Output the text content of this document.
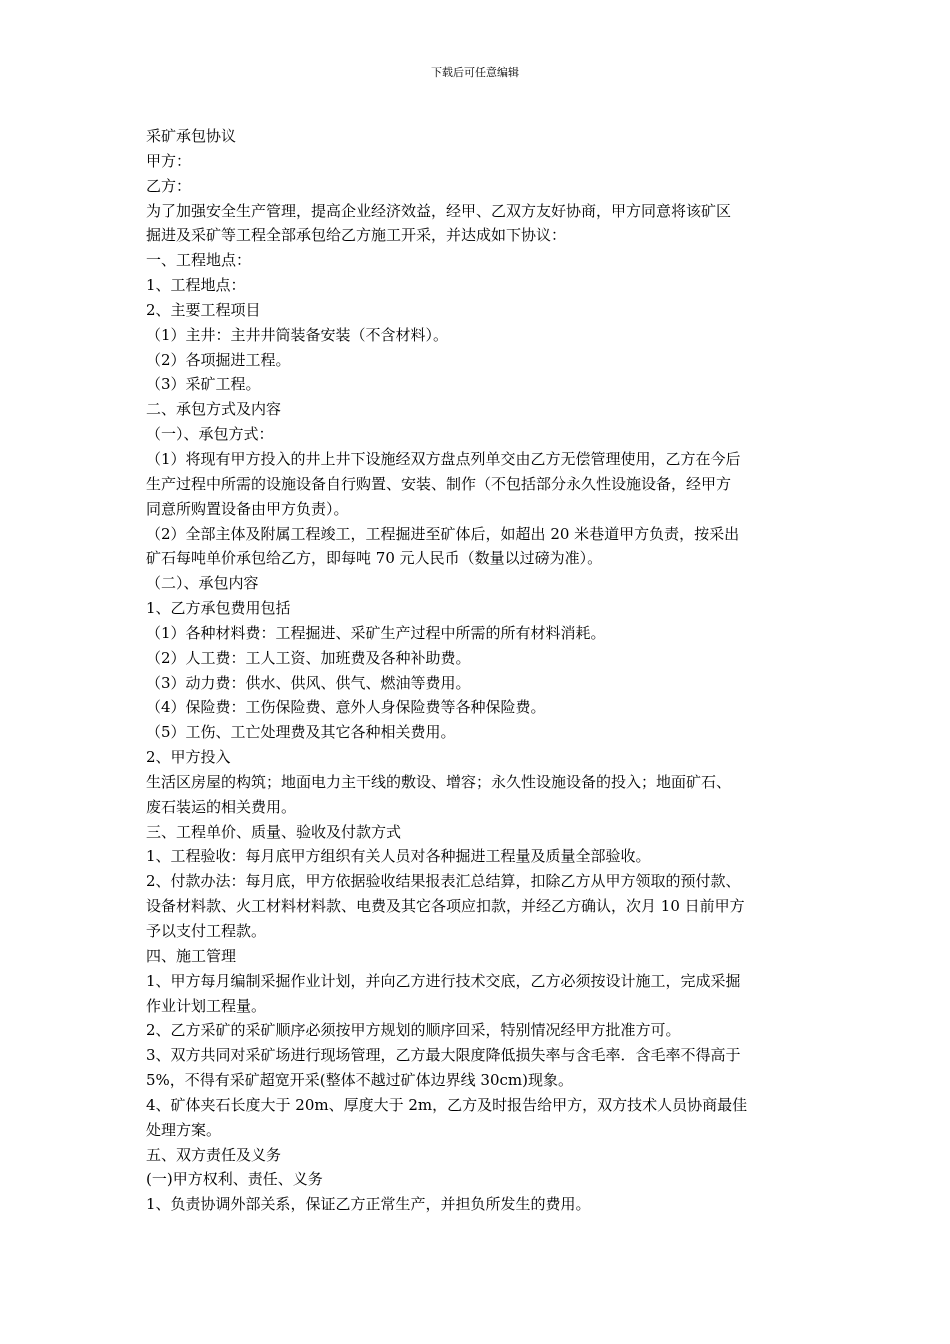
下载后可任意编辑
采矿承包协议
甲方：
乙方：
为了加强安全生产管理，提高企业经济效益，经甲、乙双方友好协商，甲方同意将该矿区
掘进及采矿等工程全部承包给乙方施工开采，并达成如下协议：
一、工程地点：
1、工程地点：
2、主要工程项目
（1）主井：主井井筒装备安装（不含材料）。
（2）各项掘进工程。
（3）采矿工程。
二、承包方式及内容
（一）、承包方式：
（1）将现有甲方投入的井上井下设施经双方盘点列单交由乙方无偿管理使用，乙方在今后
生产过程中所需的设施设备自行购置、安装、制作（不包括部分永久性设施设备，经甲方
同意所购置设备由甲方负责）。
（2）全部主体及附属工程竣工，工程掘进至矿体后，如超出 20 米巷道甲方负责，按采出
矿石每吨单价承包给乙方，即每吨 70 元人民币（数量以过磅为准）。
（二）、承包内容
1、乙方承包费用包括
（1）各种材料费：工程掘进、采矿生产过程中所需的所有材料消耗。
（2）人工费：工人工资、加班费及各种补助费。
（3）动力费：供水、供风、供气、燃油等费用。
（4）保险费：工伤保险费、意外人身保险费等各种保险费。
（5）工伤、工亡处理费及其它各种相关费用。
2、甲方投入
生活区房屋的构筑；地面电力主干线的敷设、增容；永久性设施设备的投入；地面矿石、
废石装运的相关费用。
三、工程单价、质量、验收及付款方式
1、工程验收：每月底甲方组织有关人员对各种掘进工程量及质量全部验收。
2、付款办法：每月底，甲方依据验收结果报表汇总结算，扣除乙方从甲方领取的预付款、
设备材料款、火工材料材料款、电费及其它各项应扣款，并经乙方确认，次月 10 日前甲方
予以支付工程款。
四、施工管理
1、甲方每月编制采掘作业计划，并向乙方进行技术交底，乙方必须按设计施工，完成采掘
作业计划工程量。
2、乙方采矿的采矿顺序必须按甲方规划的顺序回采，特别情况经甲方批准方可。
3、双方共同对采矿场进行现场管理，乙方最大限度降低损失率与含毛率．含毛率不得高于
5%，不得有采矿超宽开采(整体不越过矿体边界线 30cm)现象。
4、矿体夹石长度大于 20m、厚度大于 2m，乙方及时报告给甲方，双方技术人员协商最佳
处理方案。
五、双方责任及义务
(一)甲方权利、责任、义务
1、负责协调外部关系，保证乙方正常生产，并担负所发生的费用。
